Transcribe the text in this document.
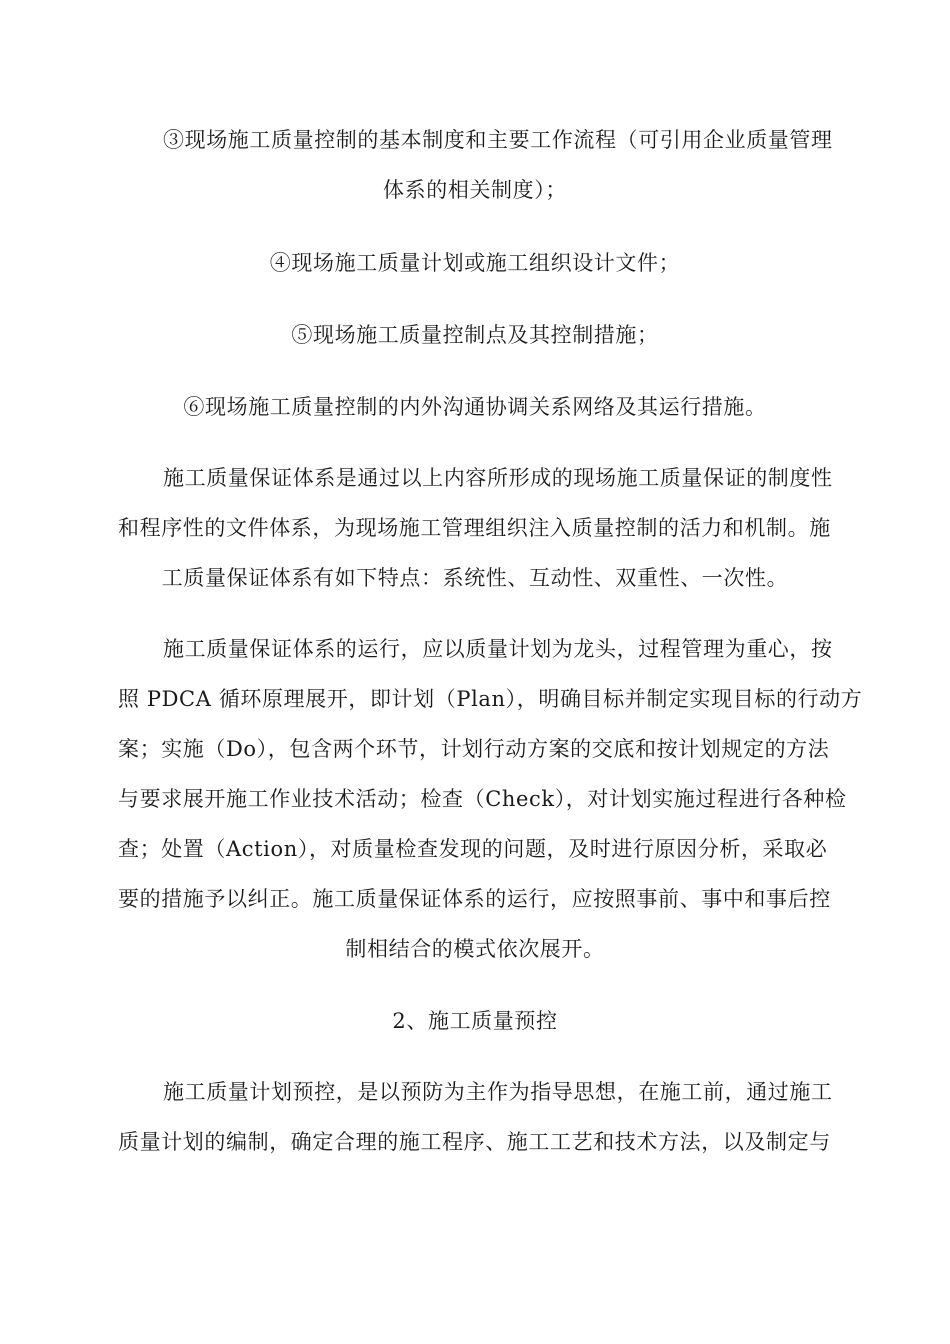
③现场施工质量控制的基本制度和主要工作流程（可引用企业质量管理
体系的相关制度）；
④现场施工质量计划或施工组织设计文件；
⑤现场施工质量控制点及其控制措施；
⑥现场施工质量控制的内外沟通协调关系网络及其运行措施。
施工质量保证体系是通过以上内容所形成的现场施工质量保证的制度性
和程序性的文件体系，为现场施工管理组织注入质量控制的活力和机制。施
工质量保证体系有如下特点：系统性、互动性、双重性、一次性。
施工质量保证体系的运行，应以质量计划为龙头，过程管理为重心，按
照 PDCA 循环原理展开，即计划（Plan），明确目标并制定实现目标的行动方
案；实施（Do），包含两个环节，计划行动方案的交底和按计划规定的方法
与要求展开施工作业技术活动；检查（Check），对计划实施过程进行各种检
查；处置（Action），对质量检查发现的问题，及时进行原因分析，采取必
要的措施予以纠正。施工质量保证体系的运行，应按照事前、事中和事后控
制相结合的模式依次展开。
2、施工质量预控
施工质量计划预控，是以预防为主作为指导思想，在施工前，通过施工
质量计划的编制，确定合理的施工程序、施工工艺和技术方法，以及制定与
